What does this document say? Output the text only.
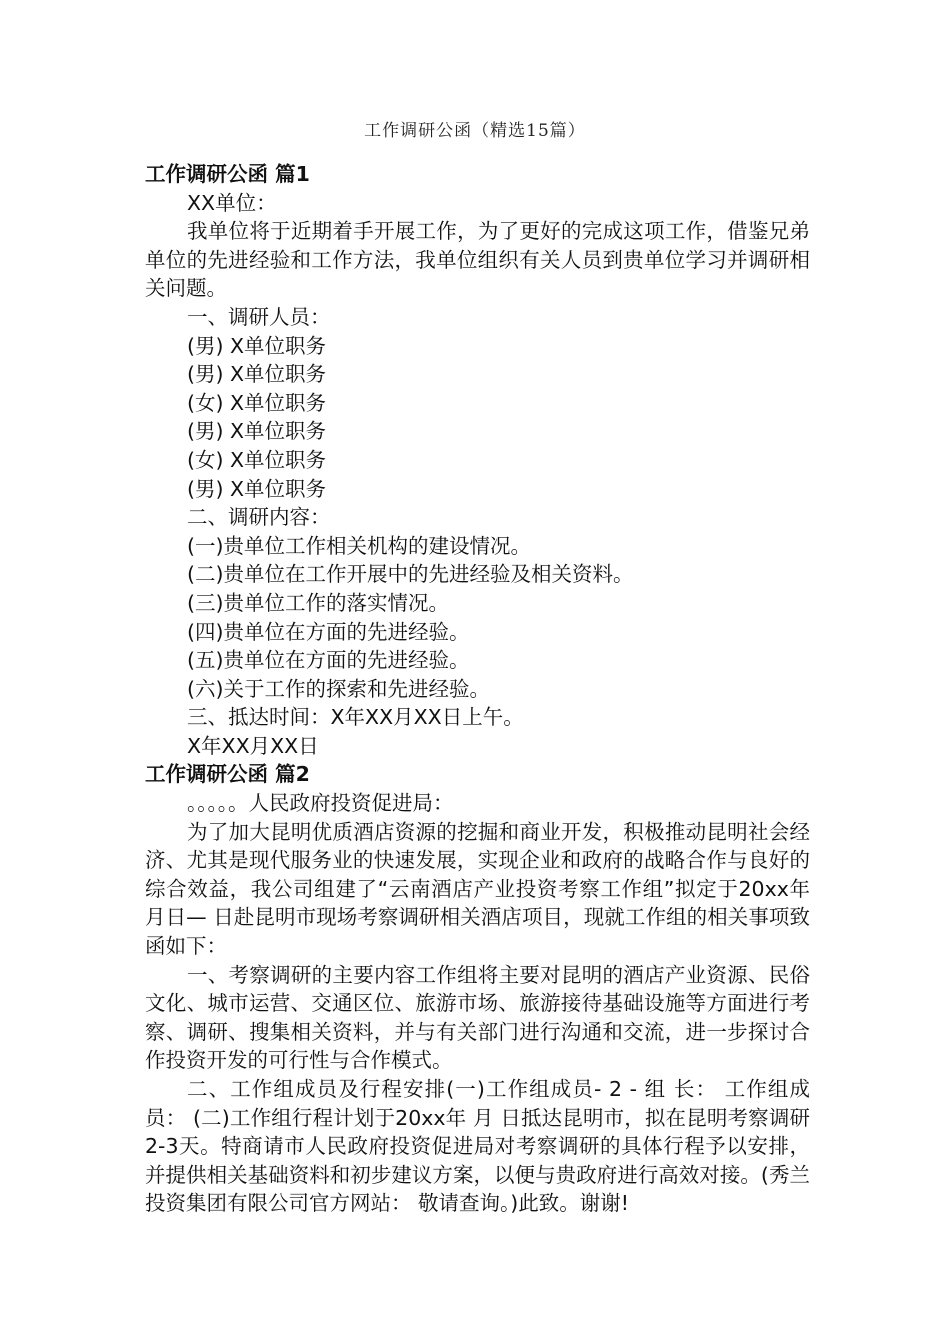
工作调研公函（精选15篇）

工作调研公函 篇1

XX单位：

我单位将于近期着手开展工作，为了更好的完成这项工作，借鉴兄弟单位的先进经验和工作方法，我单位组织有关人员到贵单位学习并调研相关问题。

一、调研人员：

(男) X单位职务

(男) X单位职务

(女) X单位职务

(男) X单位职务

(女) X单位职务

(男) X单位职务

二、调研内容：

(一)贵单位工作相关机构的建设情况。

(二)贵单位在工作开展中的先进经验及相关资料。

(三)贵单位工作的落实情况。

(四)贵单位在方面的先进经验。

(五)贵单位在方面的先进经验。

(六)关于工作的探索和先进经验。

三、抵达时间：X年XX月XX日上午。

X年XX月XX日

工作调研公函 篇2

。。。。。人民政府投资促进局：

为了加大昆明优质酒店资源的挖掘和商业开发，积极推动昆明社会经济、尤其是现代服务业的快速发展，实现企业和政府的战略合作与良好的综合效益，我公司组建了“云南酒店产业投资考察工作组”拟定于20xx年 月日— 日赴昆明市现场考察调研相关酒店项目，现就工作组的相关事项致函如下：

一、考察调研的主要内容工作组将主要对昆明的酒店产业资源、民俗文化、城市运营、交通区位、旅游市场、旅游接待基础设施等方面进行考察、调研、搜集相关资料，并与有关部门进行沟通和交流，进一步探讨合作投资开发的可行性与合作模式。

二、工作组成员及行程安排(一)工作组成员- 2 - 组 长： 工作组成员： (二)工作组行程计划于20xx年 月 日抵达昆明市，拟在昆明考察调研2-3天。特商请市人民政府投资促进局对考察调研的具体行程予以安排，并提供相关基础资料和初步建议方案，以便与贵政府进行高效对接。(秀兰投资集团有限公司官方网站： 敬请查询。)此致。谢谢!
